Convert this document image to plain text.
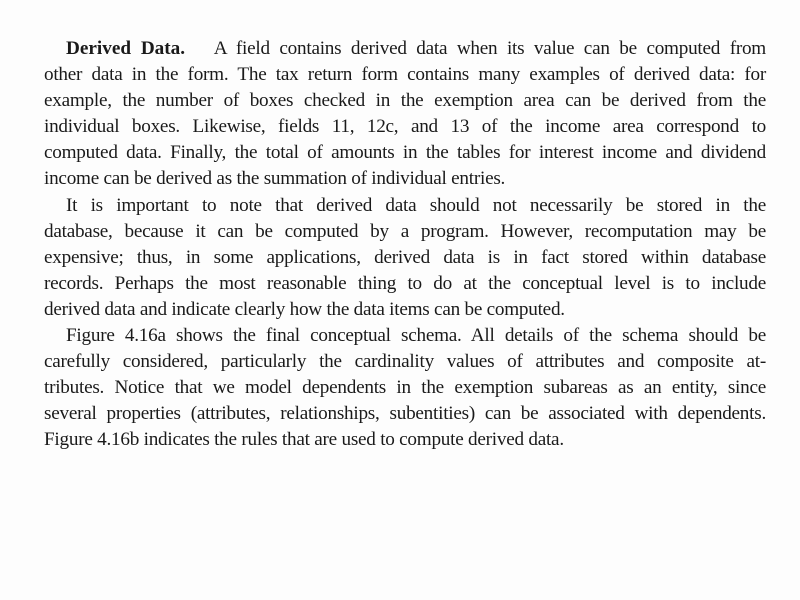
Derived Data. A field contains derived data when its value can be computed from
other data in the form. The tax return form contains many examples of derived data: for
example, the number of boxes checked in the exemption area can be derived from the
individual boxes. Likewise, fields 11, 12c, and 13 of the income area correspond to
computed data. Finally, the total of amounts in the tables for interest income and dividend
income can be derived as the summation of individual entries.
It is important to note that derived data should not necessarily be stored in the
database, because it can be computed by a program. However, recomputation may be
expensive; thus, in some applications, derived data is in fact stored within database
records. Perhaps the most reasonable thing to do at the conceptual level is to include
derived data and indicate clearly how the data items can be computed.
Figure 4.16a shows the final conceptual schema. All details of the schema should be
carefully considered, particularly the cardinality values of attributes and composite at-
tributes. Notice that we model dependents in the exemption subareas as an entity, since
several properties (attributes, relationships, subentities) can be associated with dependents.
Figure 4.16b indicates the rules that are used to compute derived data.
